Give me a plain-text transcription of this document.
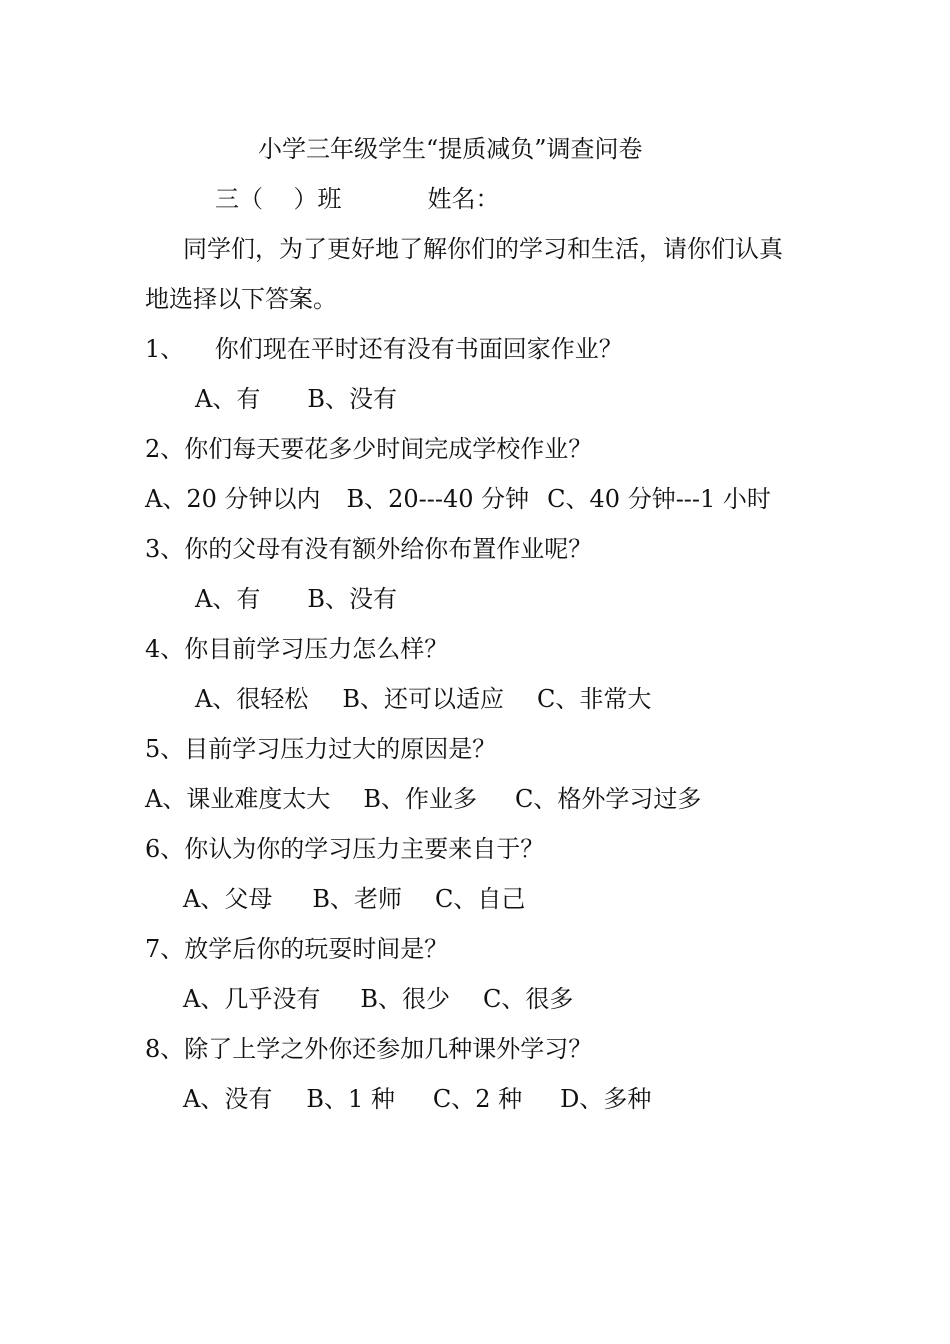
小学三年级学生“提质减负”调查问卷
三（    ）班	姓名：
同学们，为了更好地了解你们的学习和生活，请你们认真
地选择以下答案。
1、    你们现在平时还有没有书面回家作业？
A、有 B、没有
2、你们每天要花多少时间完成学校作业？
A、20 分钟以内 B、20---40 分钟 C、40 分钟---1 小时
3、你的父母有没有额外给你布置作业呢？
A、有 B、没有
4、你目前学习压力怎么样？
A、很轻松 B、还可以适应 C、非常大
5、目前学习压力过大的原因是？
A、课业难度太大 B、作业多 C、格外学习过多
6、你认为你的学习压力主要来自于？
A、父母 B、老师 C、自己
7、放学后你的玩耍时间是？
A、几乎没有 B、很少 C、很多
8、除了上学之外你还参加几种课外学习？
A、没有 B、1 种 C、2 种 D、多种
